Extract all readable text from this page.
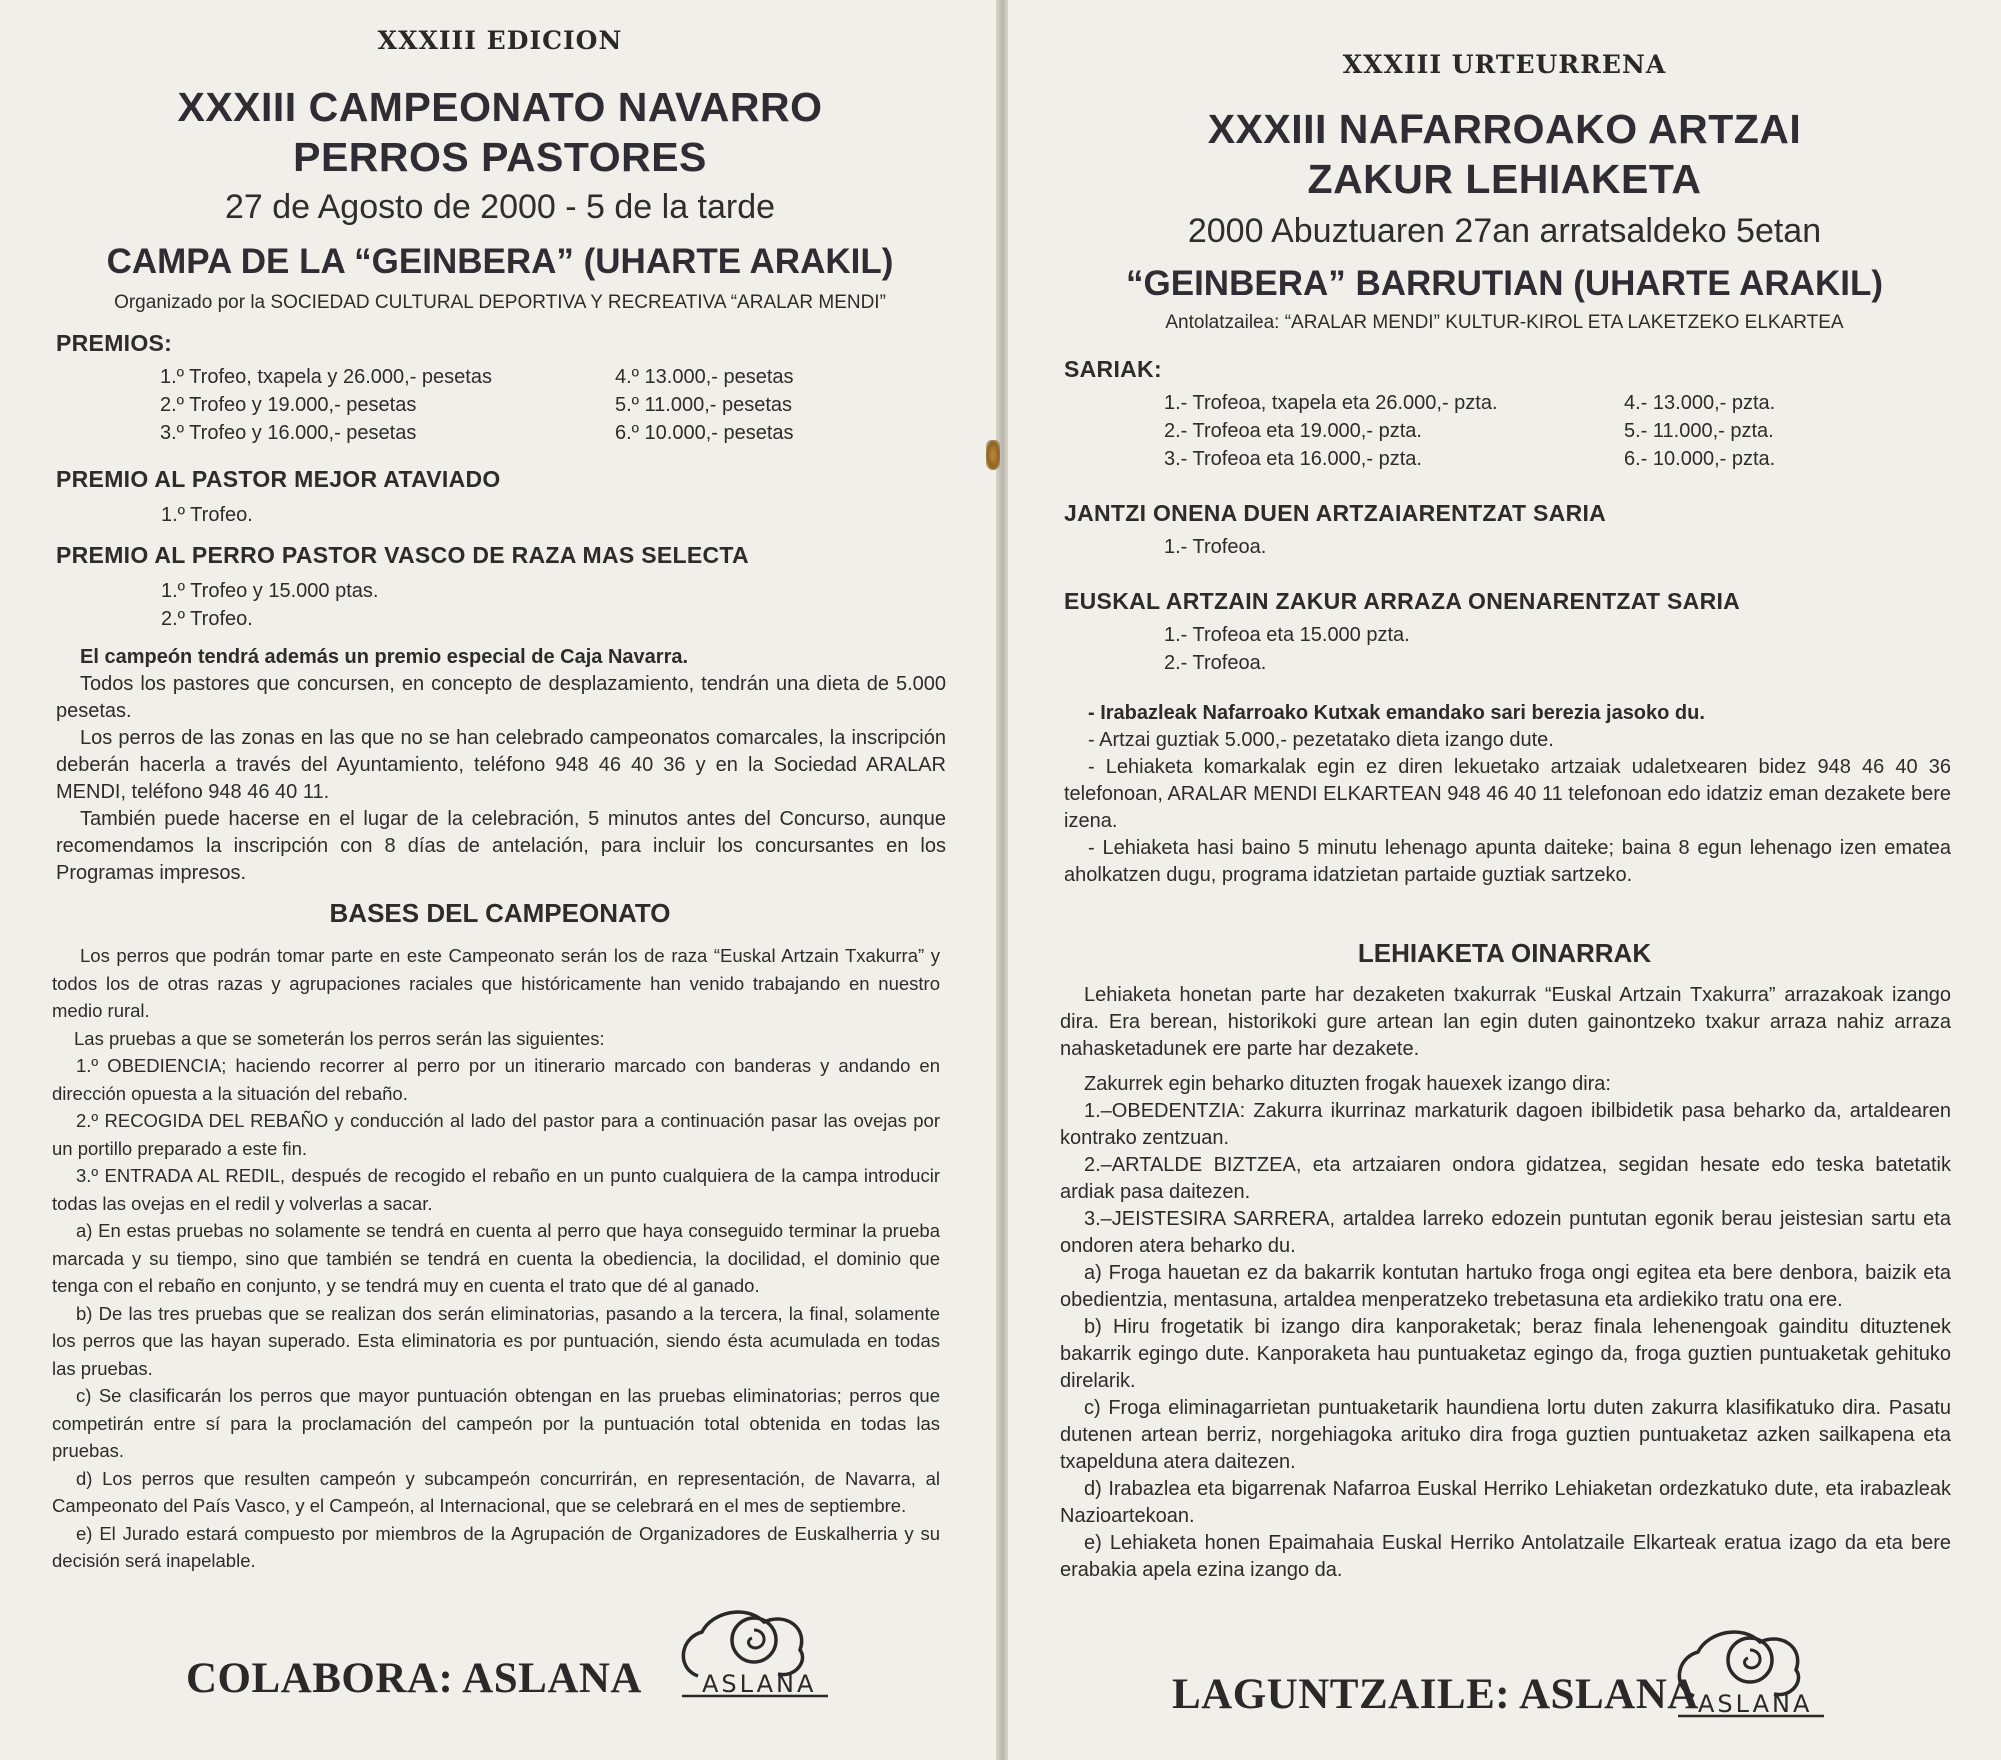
XXXIII EDICION

XXXIII CAMPEONATO NAVARRO

PERROS PASTORES

27 de Agosto de 2000 - 5 de la tarde

CAMPA DE LA “GEINBERA” (UHARTE ARAKIL)

Organizado por la SOCIEDAD CULTURAL DEPORTIVA Y RECREATIVA “ARALAR MENDI”

PREMIOS:

1.º Trofeo, txapela y 26.000,- pesetas	4.º 13.000,- pesetas
2.º Trofeo y 19.000,- pesetas	5.º 11.000,- pesetas
3.º Trofeo y 16.000,- pesetas	6.º 10.000,- pesetas

PREMIO AL PASTOR MEJOR ATAVIADO

1.º Trofeo.

PREMIO AL PERRO PASTOR VASCO DE RAZA MAS SELECTA

1.º Trofeo y 15.000 ptas.
2.º Trofeo.

El campeón tendrá además un premio especial de Caja Navarra.

Todos los pastores que concursen, en concepto de desplazamiento, tendrán una dieta de 5.000 pesetas.

Los perros de las zonas en las que no se han celebrado campeonatos comarcales, la inscripción deberán hacerla a través del Ayuntamiento, teléfono 948 46 40 36 y en la Sociedad ARALAR MENDI, teléfono 948 46 40 11.

También puede hacerse en el lugar de la celebración, 5 minutos antes del Concurso, aunque recomendamos la inscripción con 8 días de antelación, para incluir los concursantes en los Programas impresos.

BASES DEL CAMPEONATO

Los perros que podrán tomar parte en este Campeonato serán los de raza “Euskal Artzain Txakurra” y todos los de otras razas y agrupaciones raciales que históricamente han venido trabajando en nuestro medio rural.

Las pruebas a que se someterán los perros serán las siguientes:

1.º OBEDIENCIA; haciendo recorrer al perro por un itinerario marcado con banderas y andando en dirección opuesta a la situación del rebaño.

2.º RECOGIDA DEL REBAÑO y conducción al lado del pastor para a continuación pasar las ovejas por un portillo preparado a este fin.

3.º ENTRADA AL REDIL, después de recogido el rebaño en un punto cualquiera de la campa introducir todas las ovejas en el redil y volverlas a sacar.

a) En estas pruebas no solamente se tendrá en cuenta al perro que haya conseguido terminar la prueba marcada y su tiempo, sino que también se tendrá en cuenta la obediencia, la docilidad, el dominio que tenga con el rebaño en conjunto, y se tendrá muy en cuenta el trato que dé al ganado.

b) De las tres pruebas que se realizan dos serán eliminatorias, pasando a la tercera, la final, solamente los perros que las hayan superado. Esta eliminatoria es por puntuación, siendo ésta acumulada en todas las pruebas.

c) Se clasificarán los perros que mayor puntuación obtengan en las pruebas eliminatorias; perros que competirán entre sí para la proclamación del campeón por la puntuación total obtenida en todas las pruebas.

d) Los perros que resulten campeón y subcampeón concurrirán, en representación, de Navarra, al Campeonato del País Vasco, y el Campeón, al Internacional, que se celebrará en el mes de septiembre.

e) El Jurado estará compuesto por miembros de la Agrupación de Organizadores de Euskalherria y su decisión será inapelable.

COLABORA: ASLANA	ASLANA

XXXIII URTEURRENA

XXXIII NAFARROAKO ARTZAI

ZAKUR LEHIAKETA

2000 Abuztuaren 27an arratsaldeko 5etan

“GEINBERA” BARRUTIAN (UHARTE ARAKIL)

Antolatzailea: “ARALAR MENDI” KULTUR-KIROL ETA LAKETZEKO ELKARTEA

SARIAK:

1.- Trofeoa, txapela eta 26.000,- pzta.	4.- 13.000,- pzta.
2.- Trofeoa eta 19.000,- pzta.	5.- 11.000,- pzta.
3.- Trofeoa eta 16.000,- pzta.	6.- 10.000,- pzta.

JANTZI ONENA DUEN ARTZAIARENTZAT SARIA

1.- Trofeoa.

EUSKAL ARTZAIN ZAKUR ARRAZA ONENARENTZAT SARIA

1.- Trofeoa eta 15.000 pzta.
2.- Trofeoa.

- Irabazleak Nafarroako Kutxak emandako sari berezia jasoko du.

- Artzai guztiak 5.000,- pezetatako dieta izango dute.

- Lehiaketa komarkalak egin ez diren lekuetako artzaiak udaletxearen bidez 948 46 40 36 telefonoan, ARALAR MENDI ELKARTEAN 948 46 40 11 telefonoan edo idatziz eman dezakete bere izena.

- Lehiaketa hasi baino 5 minutu lehenago apunta daiteke; baina 8 egun lehenago izen ematea aholkatzen dugu, programa idatzietan partaide guztiak sartzeko.

LEHIAKETA OINARRAK

Lehiaketa honetan parte har dezaketen txakurrak “Euskal Artzain Txakurra” arrazakoak izango dira. Era berean, historikoki gure artean lan egin duten gainontzeko txakur arraza nahiz arraza nahasketadunek ere parte har dezakete.

Zakurrek egin beharko dituzten frogak hauexek izango dira:

1.–OBEDENTZIA: Zakurra ikurrinaz markaturik dagoen ibilbidetik pasa beharko da, artaldearen kontrako zentzuan.

2.–ARTALDE BIZTZEA, eta artzaiaren ondora gidatzea, segidan hesate edo teska batetatik ardiak pasa daitezen.

3.–JEISTESIRA SARRERA, artaldea larreko edozein puntutan egonik berau jeistesian sartu eta ondoren atera beharko du.

a) Froga hauetan ez da bakarrik kontutan hartuko froga ongi egitea eta bere denbora, baizik eta obedientzia, mentasuna, artaldea menperatzeko trebetasuna eta ardiekiko tratu ona ere.

b) Hiru frogetatik bi izango dira kanporaketak; beraz finala lehenengoak gainditu dituztenek bakarrik egingo dute. Kanporaketa hau puntuaketaz egingo da, froga guztien puntuaketak gehituko direlarik.

c) Froga eliminagarrietan puntuaketarik haundiena lortu duten zakurra klasifikatuko dira. Pasatu dutenen artean berriz, norgehiagoka arituko dira froga guztien puntuaketaz azken sailkapena eta txapelduna atera daitezen.

d) Irabazlea eta bigarrenak Nafarroa Euskal Herriko Lehiaketan ordezkatuko dute, eta irabazleak Nazioartekoan.

e) Lehiaketa honen Epaimahaia Euskal Herriko Antolatzaile Elkarteak eratua izago da eta bere erabakia apela ezina izango da.

LAGUNTZAILE: ASLANA ASLANA
